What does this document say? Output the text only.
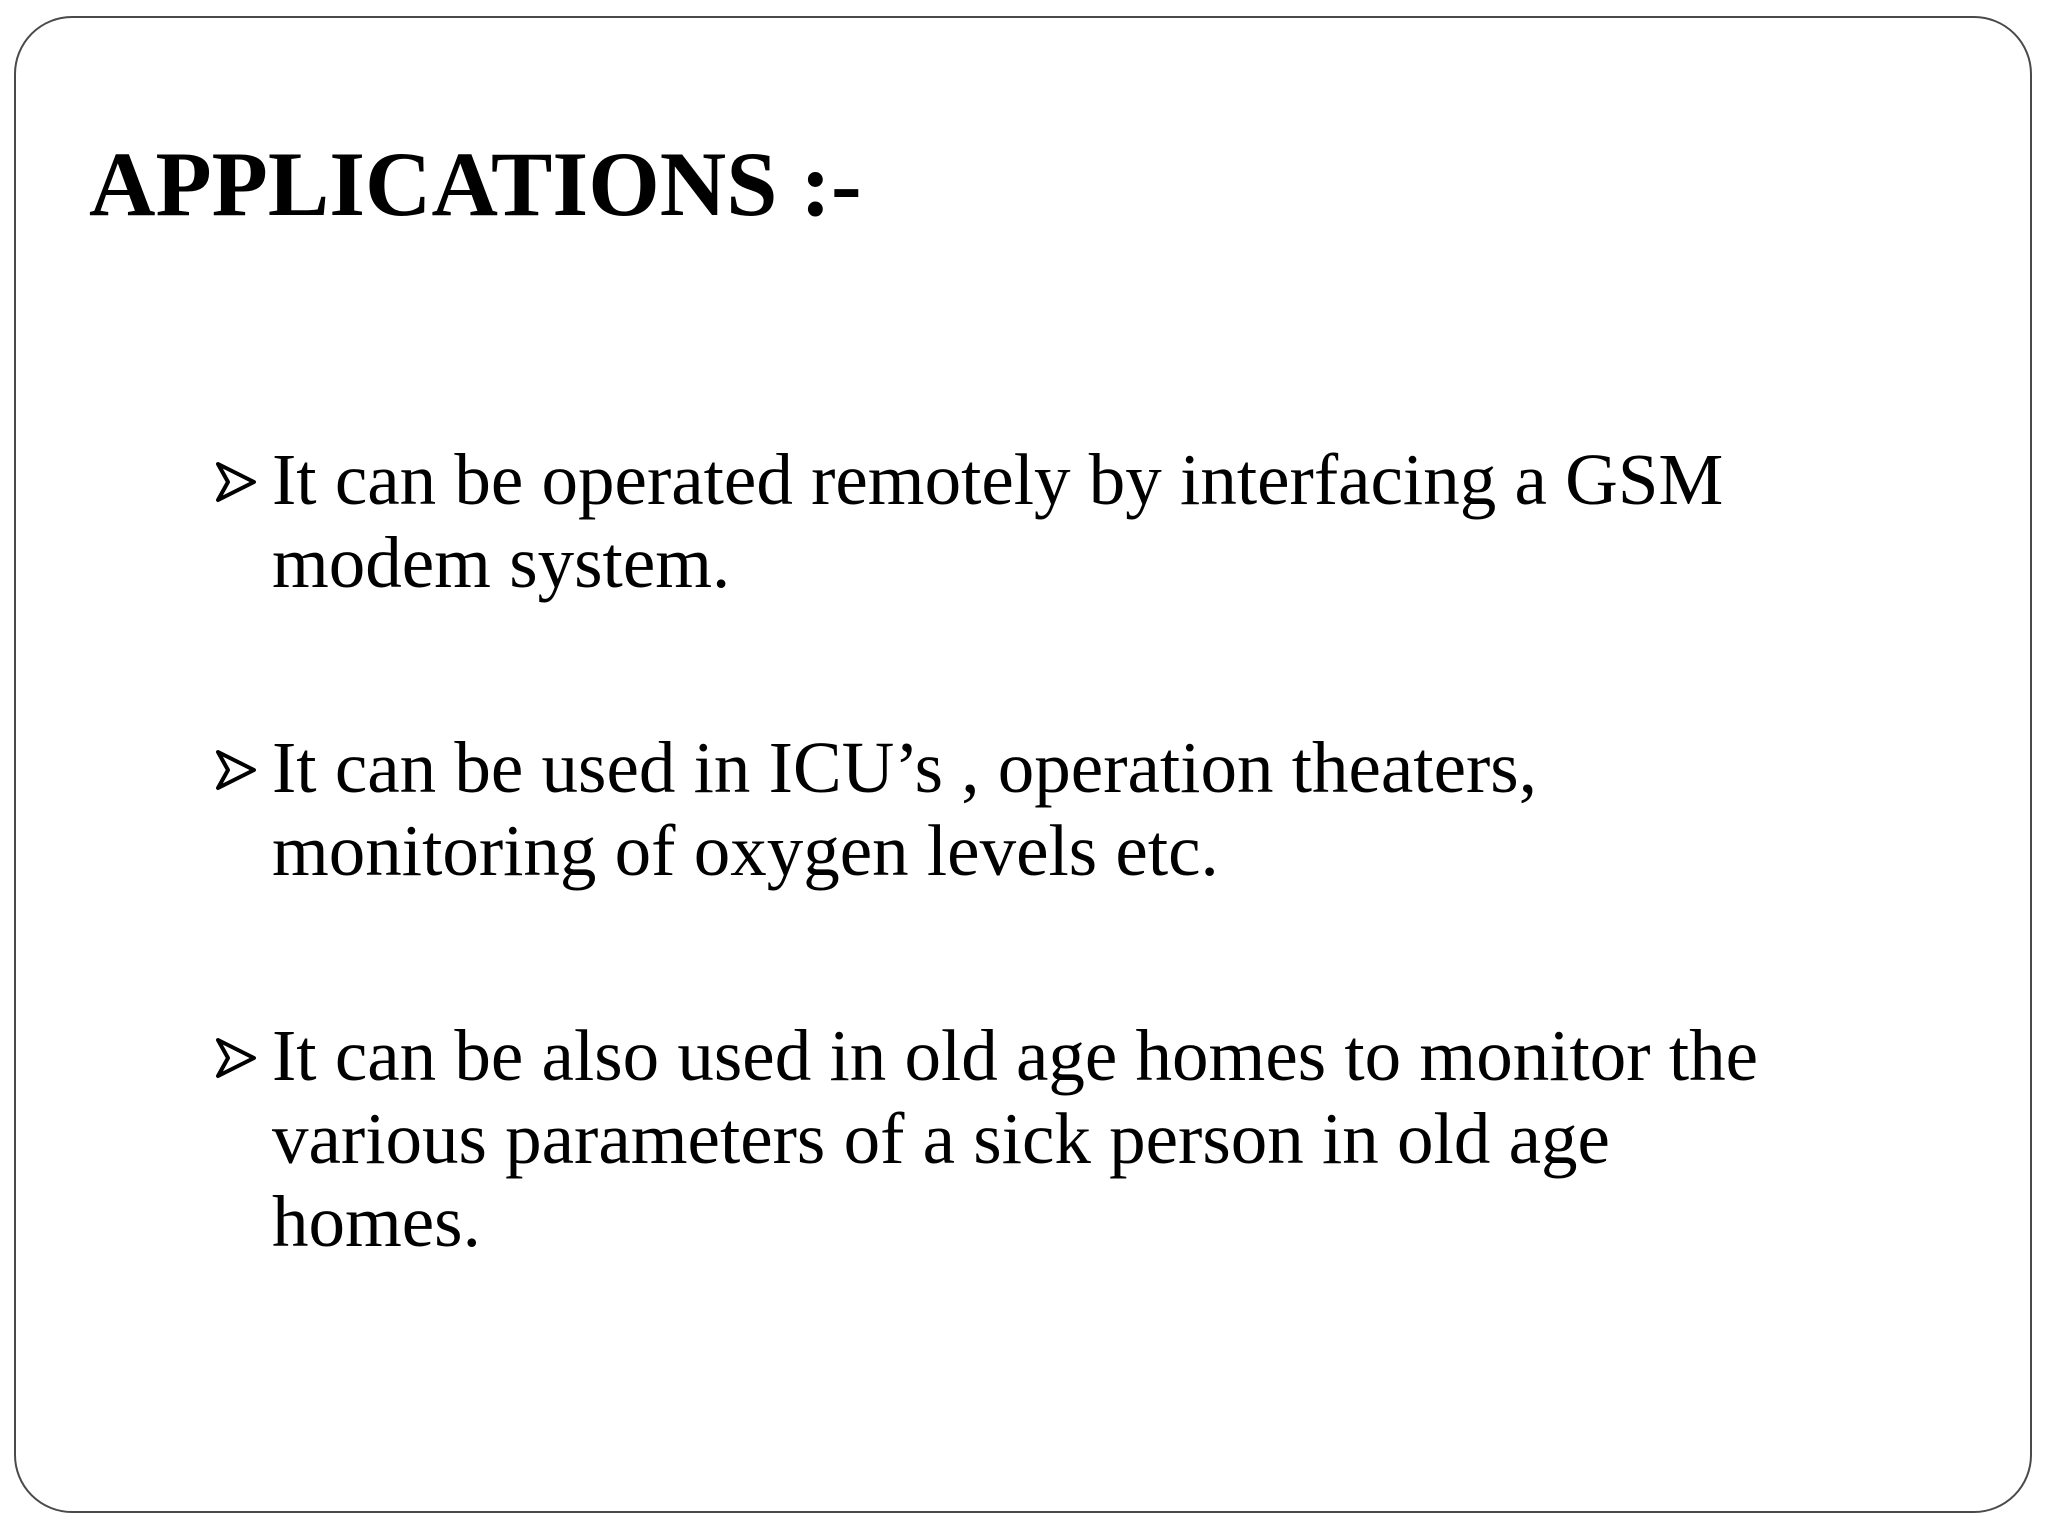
APPLICATIONS :-
It can be operated remotely by interfacing a GSM modem system.
It can be used in ICU’s , operation theaters, monitoring of oxygen levels etc.
It can be also used in old age homes to monitor the various parameters of a sick person in old age homes.
